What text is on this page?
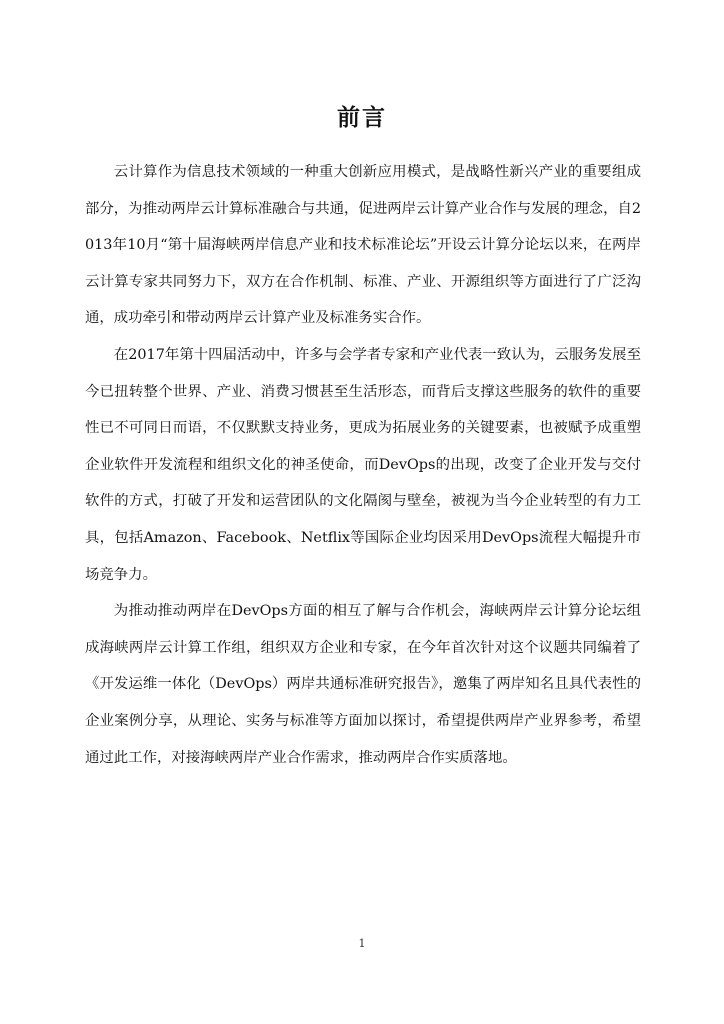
前言

云计算作为信息技术领域的一种重大创新应用模式，是战略性新兴产业的重要组成部分，为推动两岸云计算标准融合与共通，促进两岸云计算产业合作与发展的理念，自2013年10月“第十届海峡两岸信息产业和技术标准论坛”开设云计算分论坛以来，在两岸云计算专家共同努力下，双方在合作机制、标准、产业、开源组织等方面进行了广泛沟通，成功牵引和带动两岸云计算产业及标准务实合作。

在2017年第十四届活动中，许多与会学者专家和产业代表一致认为，云服务发展至今已扭转整个世界、产业、消费习惯甚至生活形态，而背后支撑这些服务的软件的重要性已不可同日而语，不仅默默支持业务，更成为拓展业务的关键要素，也被赋予成重塑企业软件开发流程和组织文化的神圣使命，而DevOps的出现，改变了企业开发与交付软件的方式，打破了开发和运营团队的文化隔阂与壁垒，被视为当今企业转型的有力工具，包括Amazon、Facebook、Netflix等国际企业均因采用DevOps流程大幅提升市场竞争力。

为推动推动两岸在DevOps方面的相互了解与合作机会，海峡两岸云计算分论坛组成海峡两岸云计算工作组，组织双方企业和专家，在今年首次针对这个议题共同编着了《开发运维一体化（DevOps）两岸共通标准研究报告》，邀集了两岸知名且具代表性的企业案例分享，从理论、实务与标准等方面加以探讨，希望提供两岸产业界参考，希望通过此工作，对接海峡两岸产业合作需求，推动两岸合作实质落地。

1
